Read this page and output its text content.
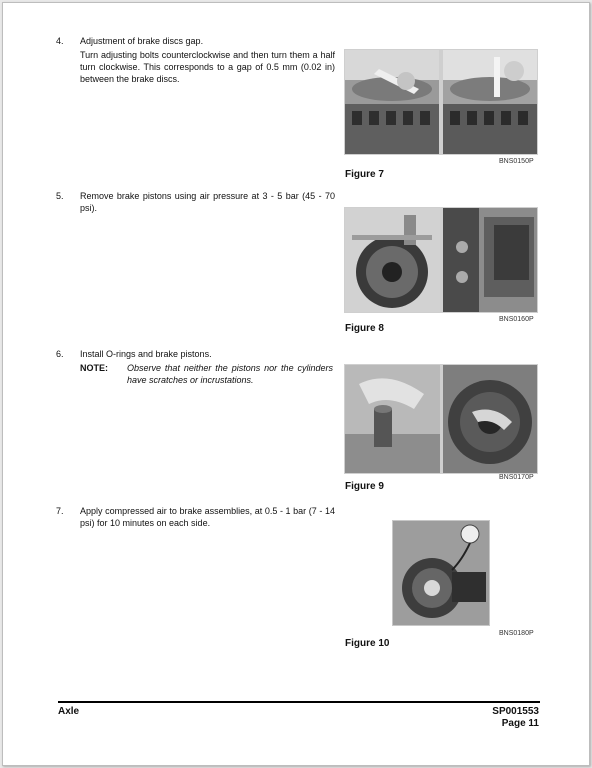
4. Adjustment of brake discs gap.
Turn adjusting bolts counterclockwise and then turn them a half turn clockwise. This corresponds to a gap of 0.5 mm (0.02 in) between the brake discs.
BNS0150P
Figure 7
5. Remove brake pistons using air pressure at 3 - 5 bar (45 - 70 psi).
BNS0160P
Figure 8
6. Install O-rings and brake pistons.
NOTE: Observe that neither the pistons nor the cylinders have scratches or incrustations.
BNS0170P
Figure 9
7. Apply compressed air to brake assemblies, at 0.5 - 1 bar (7 - 14 psi) for 10 minutes on each side.
BNS0180P
Figure 10
Axle	SP001553
Page 11
